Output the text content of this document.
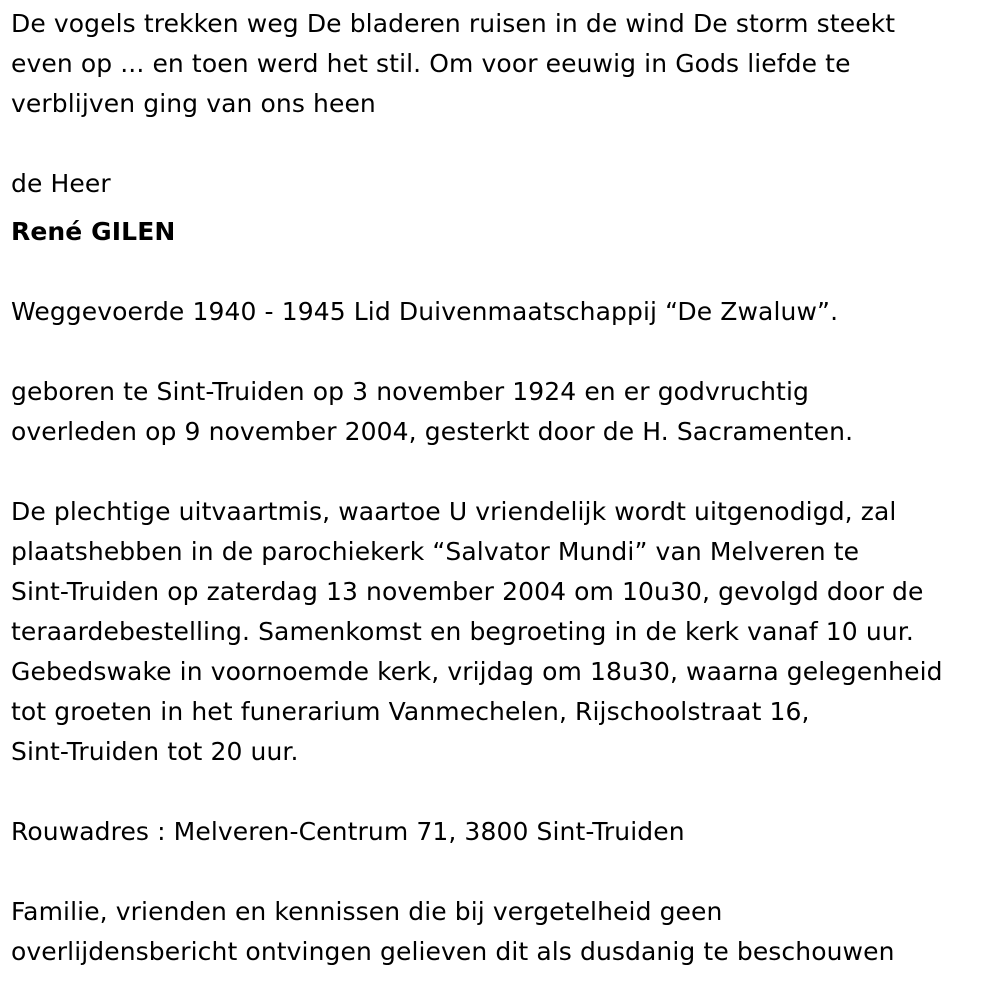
De vogels trekken weg De bladeren ruisen in de wind De storm steekt
even op ... en toen werd het stil. Om voor eeuwig in Gods liefde te
verblijven ging van ons heen

de Heer

René GILEN

Weggevoerde 1940 - 1945 Lid Duivenmaatschappij “De Zwaluw”.

geboren te Sint-Truiden op 3 november 1924 en er godvruchtig
overleden op 9 november 2004, gesterkt door de H. Sacramenten.

De plechtige uitvaartmis, waartoe U vriendelijk wordt uitgenodigd, zal
plaatshebben in de parochiekerk “Salvator Mundi” van Melveren te
Sint-Truiden op zaterdag 13 november 2004 om 10u30, gevolgd door de
teraardebestelling. Samenkomst en begroeting in de kerk vanaf 10 uur.
Gebedswake in voornoemde kerk, vrijdag om 18u30, waarna gelegenheid
tot groeten in het funerarium Vanmechelen, Rijschoolstraat 16,
Sint-Truiden tot 20 uur.

Rouwadres : Melveren-Centrum 71, 3800 Sint-Truiden

Familie, vrienden en kennissen die bij vergetelheid geen
overlijdensbericht ontvingen gelieven dit als dusdanig te beschouwen
